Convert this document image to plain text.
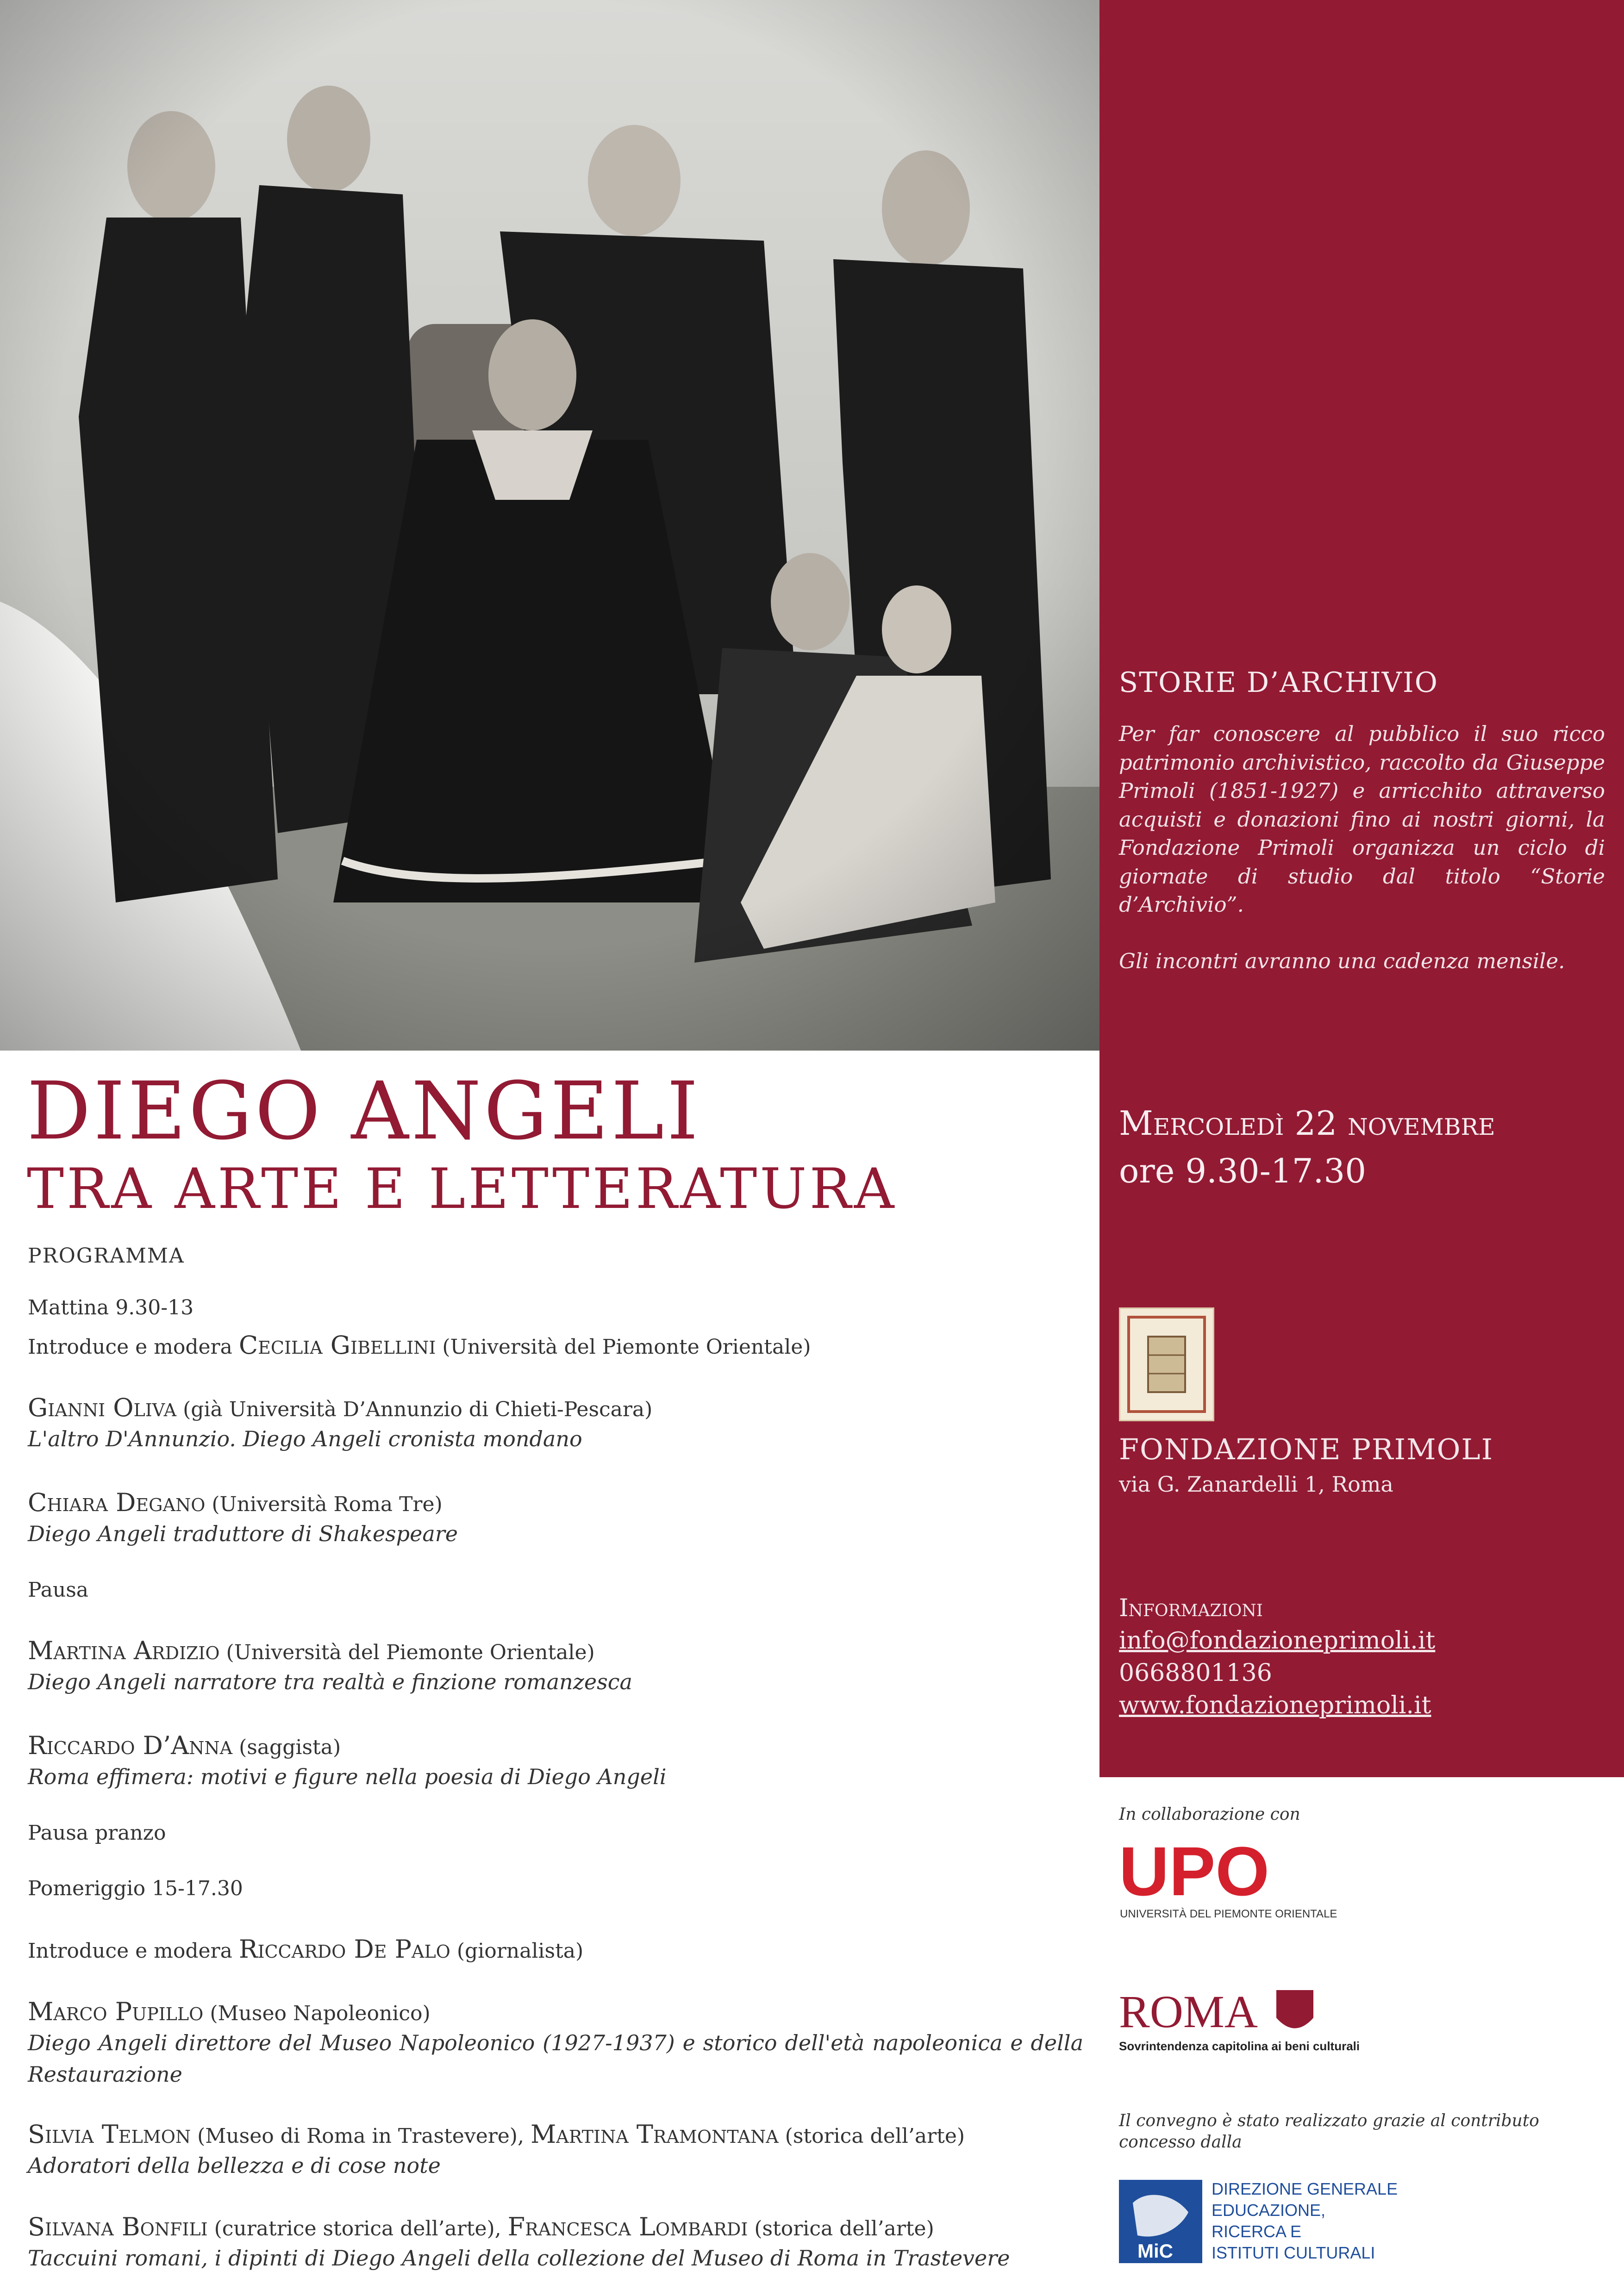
STORIE D’ARCHIVIO

Per far conoscere al pubblico il suo ricco patrimonio archivistico, raccolto da Giuseppe Primoli (1851-1927) e arricchito attraverso acquisti e donazioni fino ai nostri giorni, la Fondazione Primoli organizza un ciclo di giornate di studio dal titolo “Storie d’Archivio”.

Gli incontri avranno una cadenza mensile.

Mercoledì 22 novembre
ore 9.30-17.30
FONDAZIONE PRIMOLI
via G. Zanardelli 1, Roma
Informazioni
info@fondazioneprimoli.it
0668801136
www.fondazioneprimoli.it
In collaborazione con
UPO
UNIVERSITÀ DEL PIEMONTE ORIENTALE
ROMA
Sovrintendenza capitolina ai beni culturali
Il convegno è stato realizzato grazie al contributo concesso dalla
MiC
DIREZIONE GENERALE
EDUCAZIONE,
RICERCA E
ISTITUTI CULTURALI
DIEGO ANGELI
TRA ARTE E LETTERATURA
PROGRAMMA
Mattina 9.30-13
Introduce e modera Cecilia Gibellini (Università del Piemonte Orientale)
Gianni Oliva (già Università D’Annunzio di Chieti-Pescara)
L'altro D'Annunzio. Diego Angeli cronista mondano
Chiara Degano (Università Roma Tre)
Diego Angeli traduttore di Shakespeare
Pausa
Martina Ardizio (Università del Piemonte Orientale)
Diego Angeli narratore tra realtà e finzione romanzesca
Riccardo D’Anna (saggista)
Roma effimera: motivi e figure nella poesia di Diego Angeli
Pausa pranzo
Pomeriggio 15-17.30
Introduce e modera Riccardo De Palo (giornalista)
Marco Pupillo (Museo Napoleonico)
Diego Angeli direttore del Museo Napoleonico (1927-1937) e storico dell'età napoleonica e della Restaurazione
Silvia Telmon (Museo di Roma in Trastevere), Martina Tramontana (storica dell’arte)
Adoratori della bellezza e di cose note
Silvana Bonfili (curatrice storica dell’arte), Francesca Lombardi (storica dell’arte)
Taccuini romani, i dipinti di Diego Angeli della collezione del Museo di Roma in Trastevere
